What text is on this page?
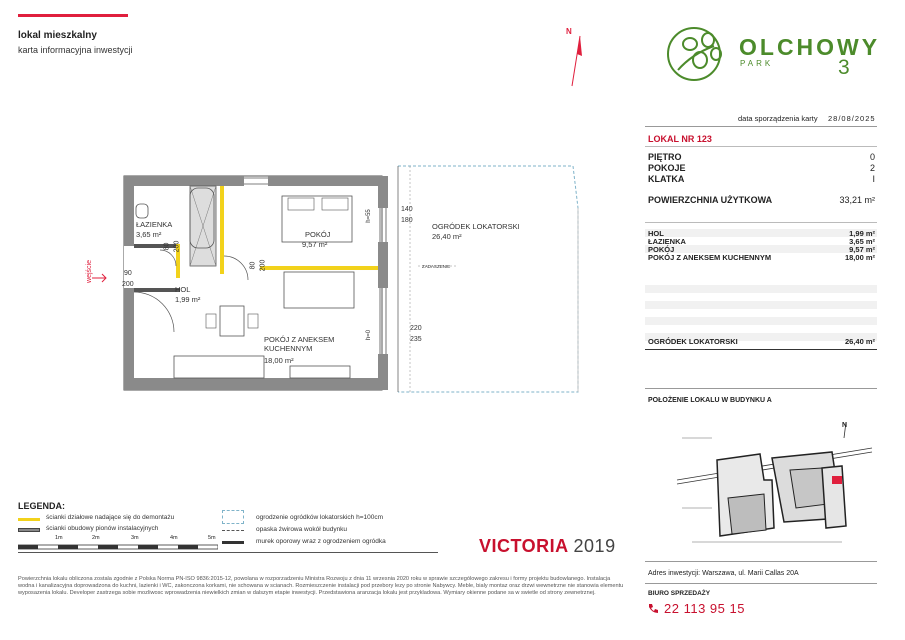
lokal mieszkalny
karta informacyjna inwestycji
N
OLCHOWY
PARK	3
data sporządzenia karty 28/08/2025
LOKAL NR 123
PIĘTRO	0
POKOJE	2
KLATKA	I
POWIERZCHNIA UŻYTKOWA	33,21 m²
HOL	1,99 m²
ŁAZIENKA	3,65 m²
POKÓJ	9,57 m²
POKÓJ Z ANEKSEM KUCHENNYM	18,00 m²
OGRÓDEK LOKATORSKI	26,40 m²
POŁOŻENIE LOKALU W BUDYNKU A
N
Adres inwestycji: Warszawa, ul. Marii Callas 20A
BIURO SPRZEDAŻY
22 113 95 15
ŁAZIENKA
3,65 m²	POKÓJ
9,57 m²
HOL
1,99 m²
POKÓJ Z ANEKSEM KUCHENNYM
18,00 m²
OGRÓDEK LOKATORSKI
26,40 m²
90
200
80 200
80 200
140
180
220
235
h=55
h=0
ZADASZENIE
wejście
LEGENDA:
ścianki działowe nadające się do demontażu
ścianki obudowy pionów instalacyjnych
ogrodzenie ogródków lokatorskich h=100cm
opaska żwirowa wokół budynku
murek oporowy wraz z ogrodzeniem ogródka
1m	2m	3m	4m	5m	VICTORIA 2019
Powierzchnia lokalu obliczona zostala zgodnie z Polska Norma PN-ISO 9836:2015-12, powolana w rozporzadzeniu Ministra Rozwoju z dnia 11 wrzesnia 2020 roku w sprawie szczególowego zakresu i formy projektu budowlanego. Instalacja wodna i kanalizacyjna doprowadzona do kuchni, lazienki i WC, zakonczona korkami, nie schowana w scianach. Rozmieszczenie instalacji pod przebory lezy po stronie Nabywcy. Meble, bialy montaz oraz drzwi wewnetrzne nie stanowia elementu wyposazenia lokalu. Developer zastrzega sobie mozliwosc wprowadzenia niewielkich zmian w dalszym etapie inwestycji. Przedstawiona aranzacja lokalu jest przykladowa. Wymiary okienne podane sa w swietle od strony zewnetrznej.
